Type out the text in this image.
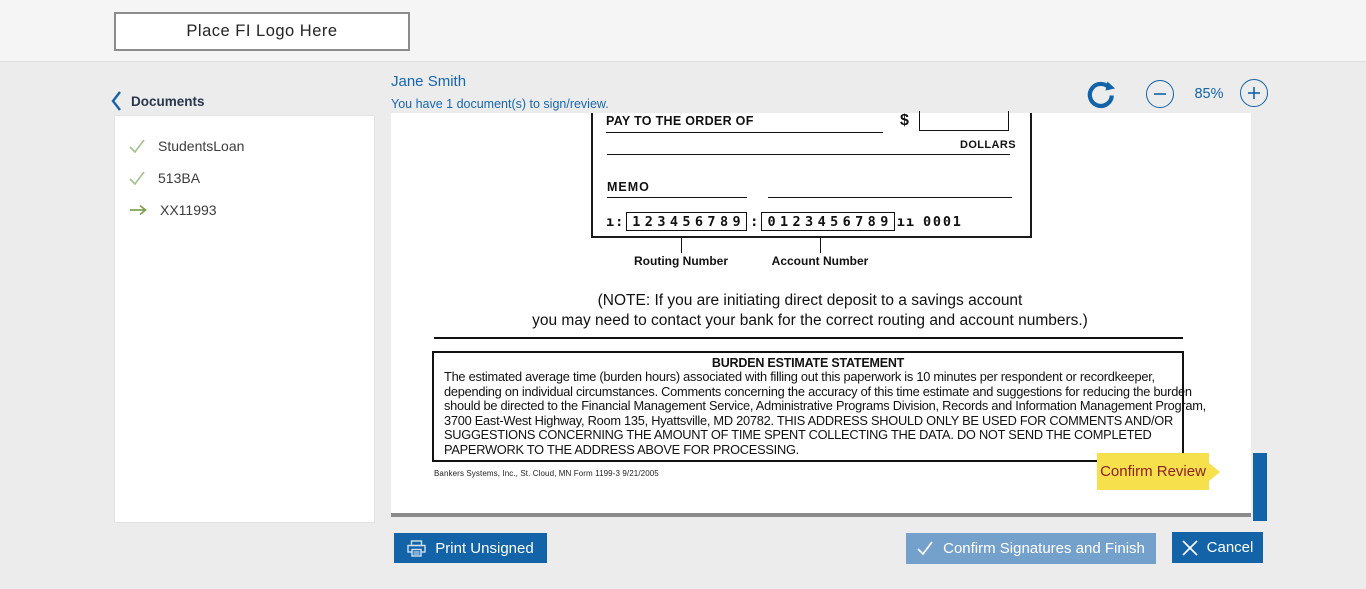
Place FI Logo Here
Documents
Jane Smith
You have 1 document(s) to sign/review.
85%
StudentsLoan
513BA
XX11993
PAY TO THE ORDER OF	$
DOLLARS
MEMO
ı: 123456789 : 0123456789 ıı 0001
Routing Number	Account Number
(NOTE: If you are initiating direct deposit to a savings account
you may need to contact your bank for the correct routing and account numbers.)
BURDEN ESTIMATE STATEMENT
The estimated average time (burden hours) associated with filling out this paperwork is 10 minutes per respondent or recordkeeper,
depending on individual circumstances. Comments concerning the accuracy of this time estimate and suggestions for reducing the burden
should be directed to the Financial Management Service, Administrative Programs Division, Records and Information Management Program,
3700 East-West Highway, Room 135, Hyattsville, MD 20782. THIS ADDRESS SHOULD ONLY BE USED FOR COMMENTS AND/OR
SUGGESTIONS CONCERNING THE AMOUNT OF TIME SPENT COLLECTING THE DATA. DO NOT SEND THE COMPLETED
PAPERWORK TO THE ADDRESS ABOVE FOR PROCESSING.
Bankers Systems, Inc., St. Cloud, MN Form 1199-3 9/21/2005	Confirm Review
Print Unsigned	Confirm Signatures and Finish	Cancel
